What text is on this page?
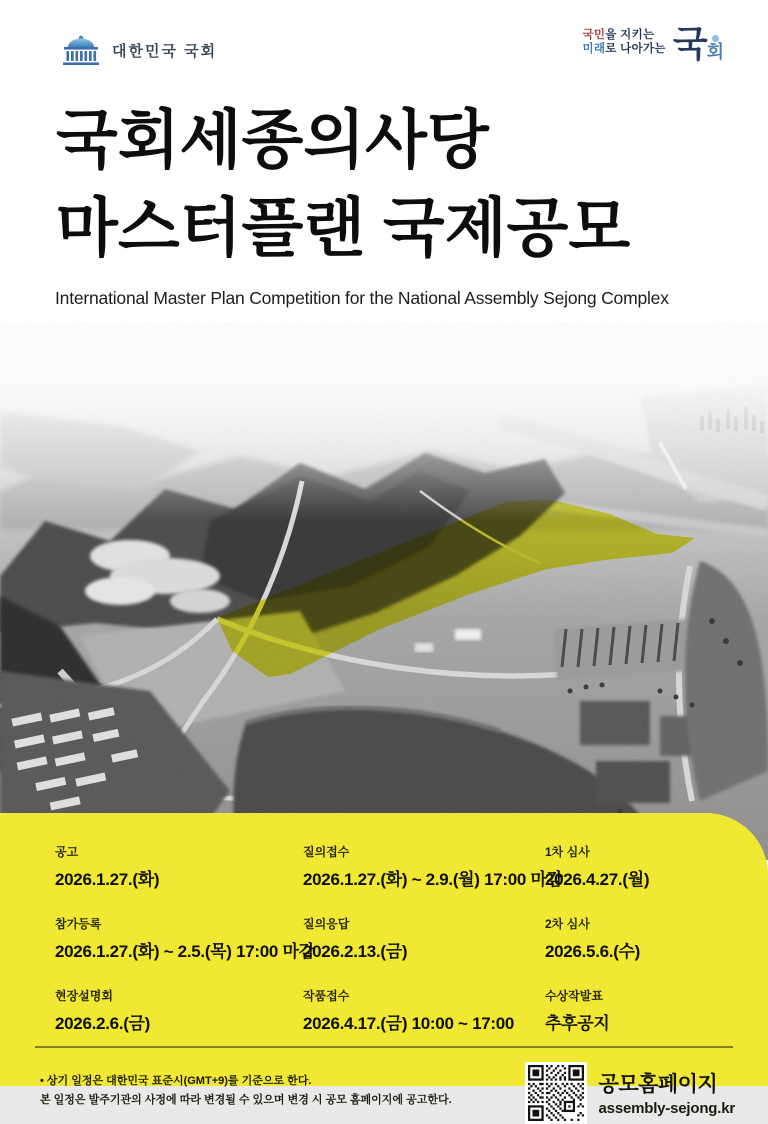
대한민국 국회
국민을 지키는
미래로 나아가는 국 회
국회세종의사당
마스터플랜 국제공모

International Master Plan Competition for the National Assembly Sejong Complex

공고
2026.1.27.(화)
질의접수
2026.1.27.(화) ~ 2.9.(월) 17:00 마감
1차 심사
2026.4.27.(월)
참가등록
2026.1.27.(화) ~ 2.5.(목) 17:00 마감
질의응답
2026.2.13.(금)
2차 심사
2026.5.6.(수)
현장설명회
2026.2.6.(금)
작품접수
2026.4.17.(금) 10:00 ~ 17:00
수상작발표
추후공지

• 상기 일정은 대한민국 표준시(GMT+9)를 기준으로 한다.

본 일정은 발주기관의 사정에 따라 변경될 수 있으며 변경 시 공모 홈페이지에 공고한다.

공모홈페이지
assembly-sejong.kr
